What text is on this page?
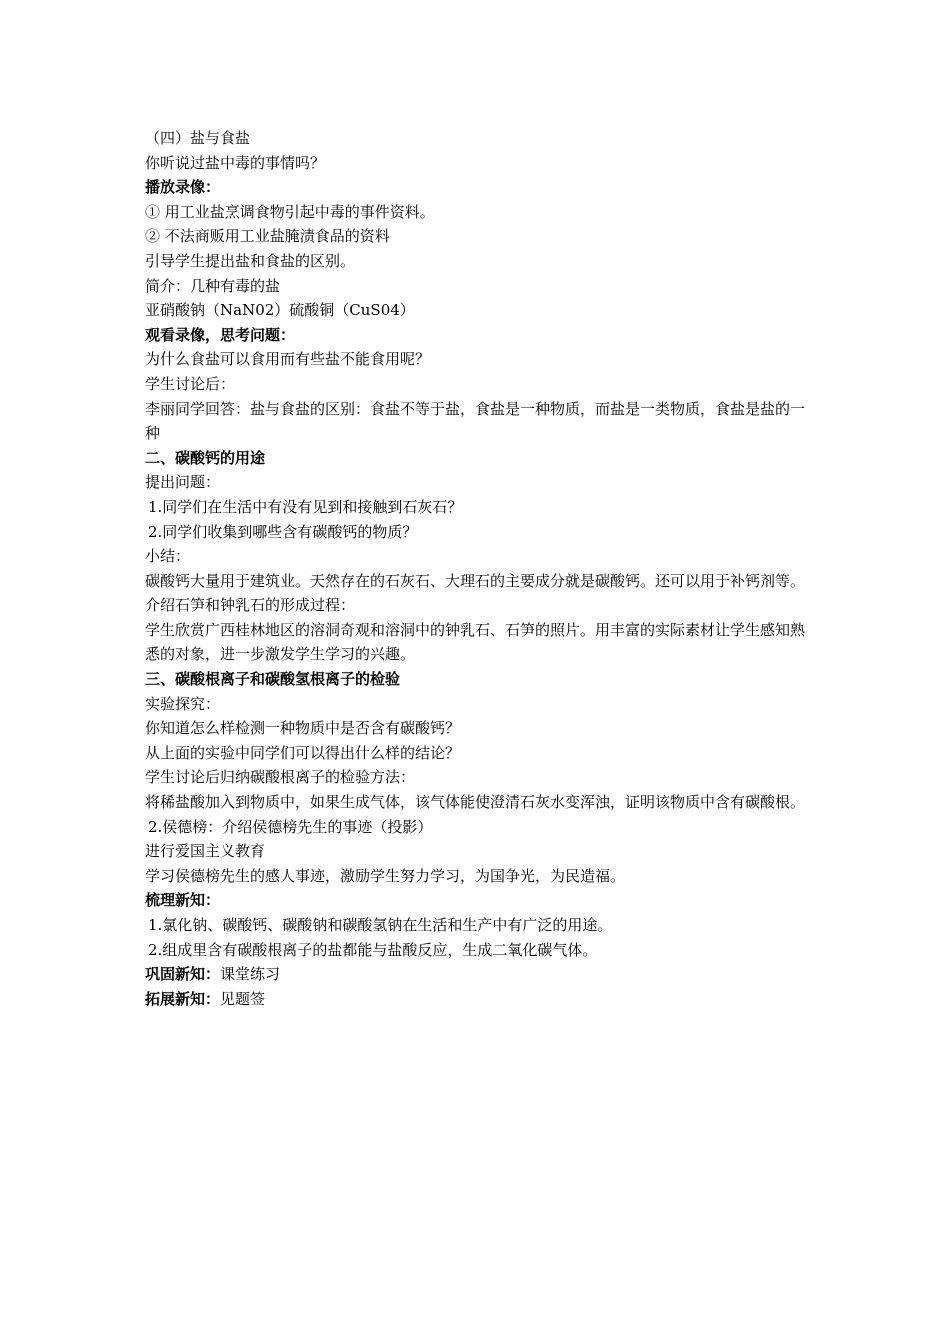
（四）盐与食盐
你听说过盐中毒的事情吗？
播放录像：
① 用工业盐烹调食物引起中毒的事件资料。
② 不法商贩用工业盐腌渍食品的资料
引导学生提出盐和食盐的区别。
简介：几种有毒的盐
亚硝酸钠（NaN02）硫酸铜（CuS04）
观看录像，思考问题：
为什么食盐可以食用而有些盐不能食用呢？
学生讨论后：
李丽同学回答：盐与食盐的区别：食盐不等于盐，食盐是一种物质，而盐是一类物质，食盐是盐的一种
二、碳酸钙的用途
提出问题：
1.同学们在生活中有没有见到和接触到石灰石？
2.同学们收集到哪些含有碳酸钙的物质？
小结：
碳酸钙大量用于建筑业。天然存在的石灰石、大理石的主要成分就是碳酸钙。还可以用于补钙剂等。
介绍石笋和钟乳石的形成过程：
学生欣赏广西桂林地区的溶洞奇观和溶洞中的钟乳石、石笋的照片。用丰富的实际素材让学生感知熟悉的对象，进一步激发学生学习的兴趣。
三、碳酸根离子和碳酸氢根离子的检验
实验探究：
你知道怎么样检测一种物质中是否含有碳酸钙？
从上面的实验中同学们可以得出什么样的结论？
学生讨论后归纳碳酸根离子的检验方法：
将稀盐酸加入到物质中，如果生成气体，该气体能使澄清石灰水变浑浊，证明该物质中含有碳酸根。
2.侯德榜：介绍侯德榜先生的事迹（投影）
进行爱国主义教育
学习侯德榜先生的感人事迹，激励学生努力学习，为国争光，为民造福。
梳理新知：
1.氯化钠、碳酸钙、碳酸钠和碳酸氢钠在生活和生产中有广泛的用途。
2.组成里含有碳酸根离子的盐都能与盐酸反应，生成二氧化碳气体。
巩固新知：课堂练习
拓展新知：见题签
